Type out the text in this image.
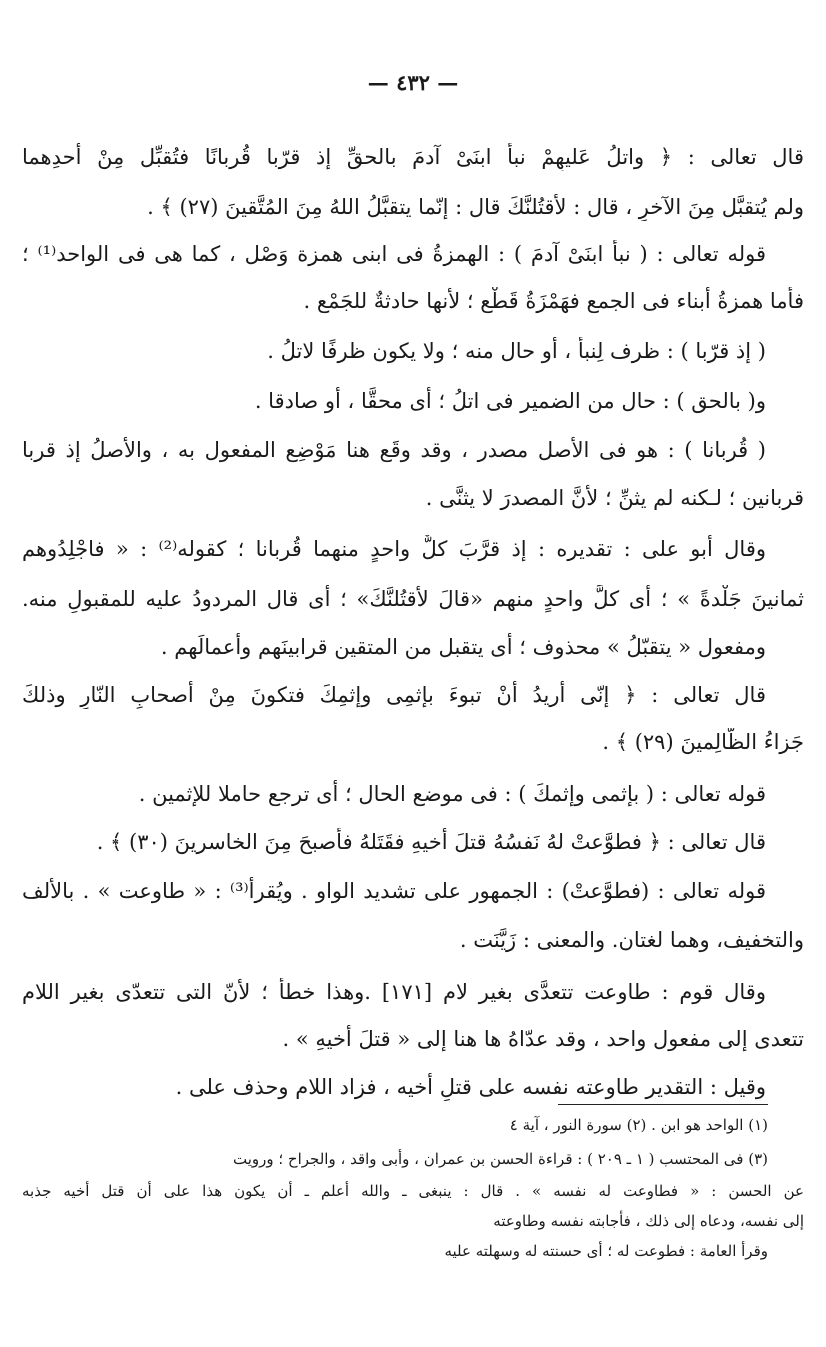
— ٤٣٢ —
قال تعالى : ﴿ واتلُ عَليهِمْ نبأ ابنَىْ آدمَ بالحقِّ إذ قرّبا قُربانًا فتُقبِّل مِنْ أحدِهما
ولم يُتقبَّل مِنَ الآخرِ ، قال : لأقتُلنَّكَ قال : إنّما يتقبَّلُ اللهُ مِنَ المُتَّقينَ (٢٧) ﴾ .
قوله تعالى : ( نبأ ابنَىْ آدمَ ) : الهمزةُ فى ابنى همزة وَصْل ، كما هى فى الواحد⁽¹⁾ ؛
فأما همزةُ أبناء فى الجمع فهَمْزَةُ قَطْع ؛ لأنها حادثةٌ للجَمْع .
( إذ قرّبا ) : ظرف لِنبأ ، أو حال منه ؛ ولا يكون ظرفًا لاتلُ .
و( بالحق ) : حال من الضمير فى اتلُ ؛ أى محقًّا ، أو صادقا .
( قُربانا ) : هو فى الأصل مصدر ، وقد وقَع هنا مَوْضِع المفعول به ، والأصلُ إذ قربا
قربانين ؛ لـكنه لم يثنِّ ؛ لأنَّ المصدرَ لا يثنَّى .
وقال أبو على : تقديره : إذ قرَّبَ كلٌّ واحدٍ منهما قُربانا ؛ كقوله⁽²⁾ : « فاجْلِدُوهم
ثمانينَ جَلْدةً » ؛ أى كلَّ واحدٍ منهم «قالَ لأقتُلنَّكَ» ؛ أى قال المردودُ عليه للمقبولِ منه.
ومفعول « يتقبّلُ » محذوف ؛ أى يتقبل من المتقين قرابينَهم وأعمالَهم .
قال تعالى : ﴿ إنّى أُريدُ أنْ تبوءَ بإثمِى وإثمِكَ فتكونَ مِنْ أصحابِ النّارِ وذلكَ
جَزاءُ الظّالِمينَ (٢٩) ﴾ .
قوله تعالى : ( بإثمى وإثمكَ ) : فى موضع الحال ؛ أى ترجع حاملا للإثمين .
قال تعالى : ﴿ فطوَّعتْ لهُ نَفسُهُ قتلَ أخيهِ فقَتَلهُ فأصبحَ مِنَ الخاسرينَ (٣٠) ﴾ .
قوله تعالى : (فطوَّعتْ) : الجمهور على تشديد الواو . ويُقرأ⁽³⁾ : « طاوعت » . بالألف
والتخفيف، وهما لغتان. والمعنى : زَيَّنَت .
وقال قوم : طاوعت تتعدَّى بغير لام [١٧١] .وهذا خطأ ؛ لأنّ التى تتعدّى بغير اللام
تتعدى إلى مفعول واحد ، وقد عدّاهُ ها هنا إلى « قتلَ أخيهِ » .
وقيل : التقدير طاوعته نفسه على قتلِ أخيه ، فزاد اللام وحذف على .
(١) الواحد هو ابن . (٢) سورة النور ، آية ٤
(٣) فى المحتسب ( ١ ـ ٢٠٩ ) : قراءة الحسن بن عمران ، وأبى واقد ، والجراح ؛ ورويت
عن الحسن : « فطاوعت له نفسه » . قال : ينبغى ـ والله أعلم ـ أن يكون هذا على أن قتل أخيه جذبه
إلى نفسه، ودعاه إلى ذلك ، فأجابته نفسه وطاوعته
وقرأ العامة : فطوعت له ؛ أى حسنته له وسهلته عليه
